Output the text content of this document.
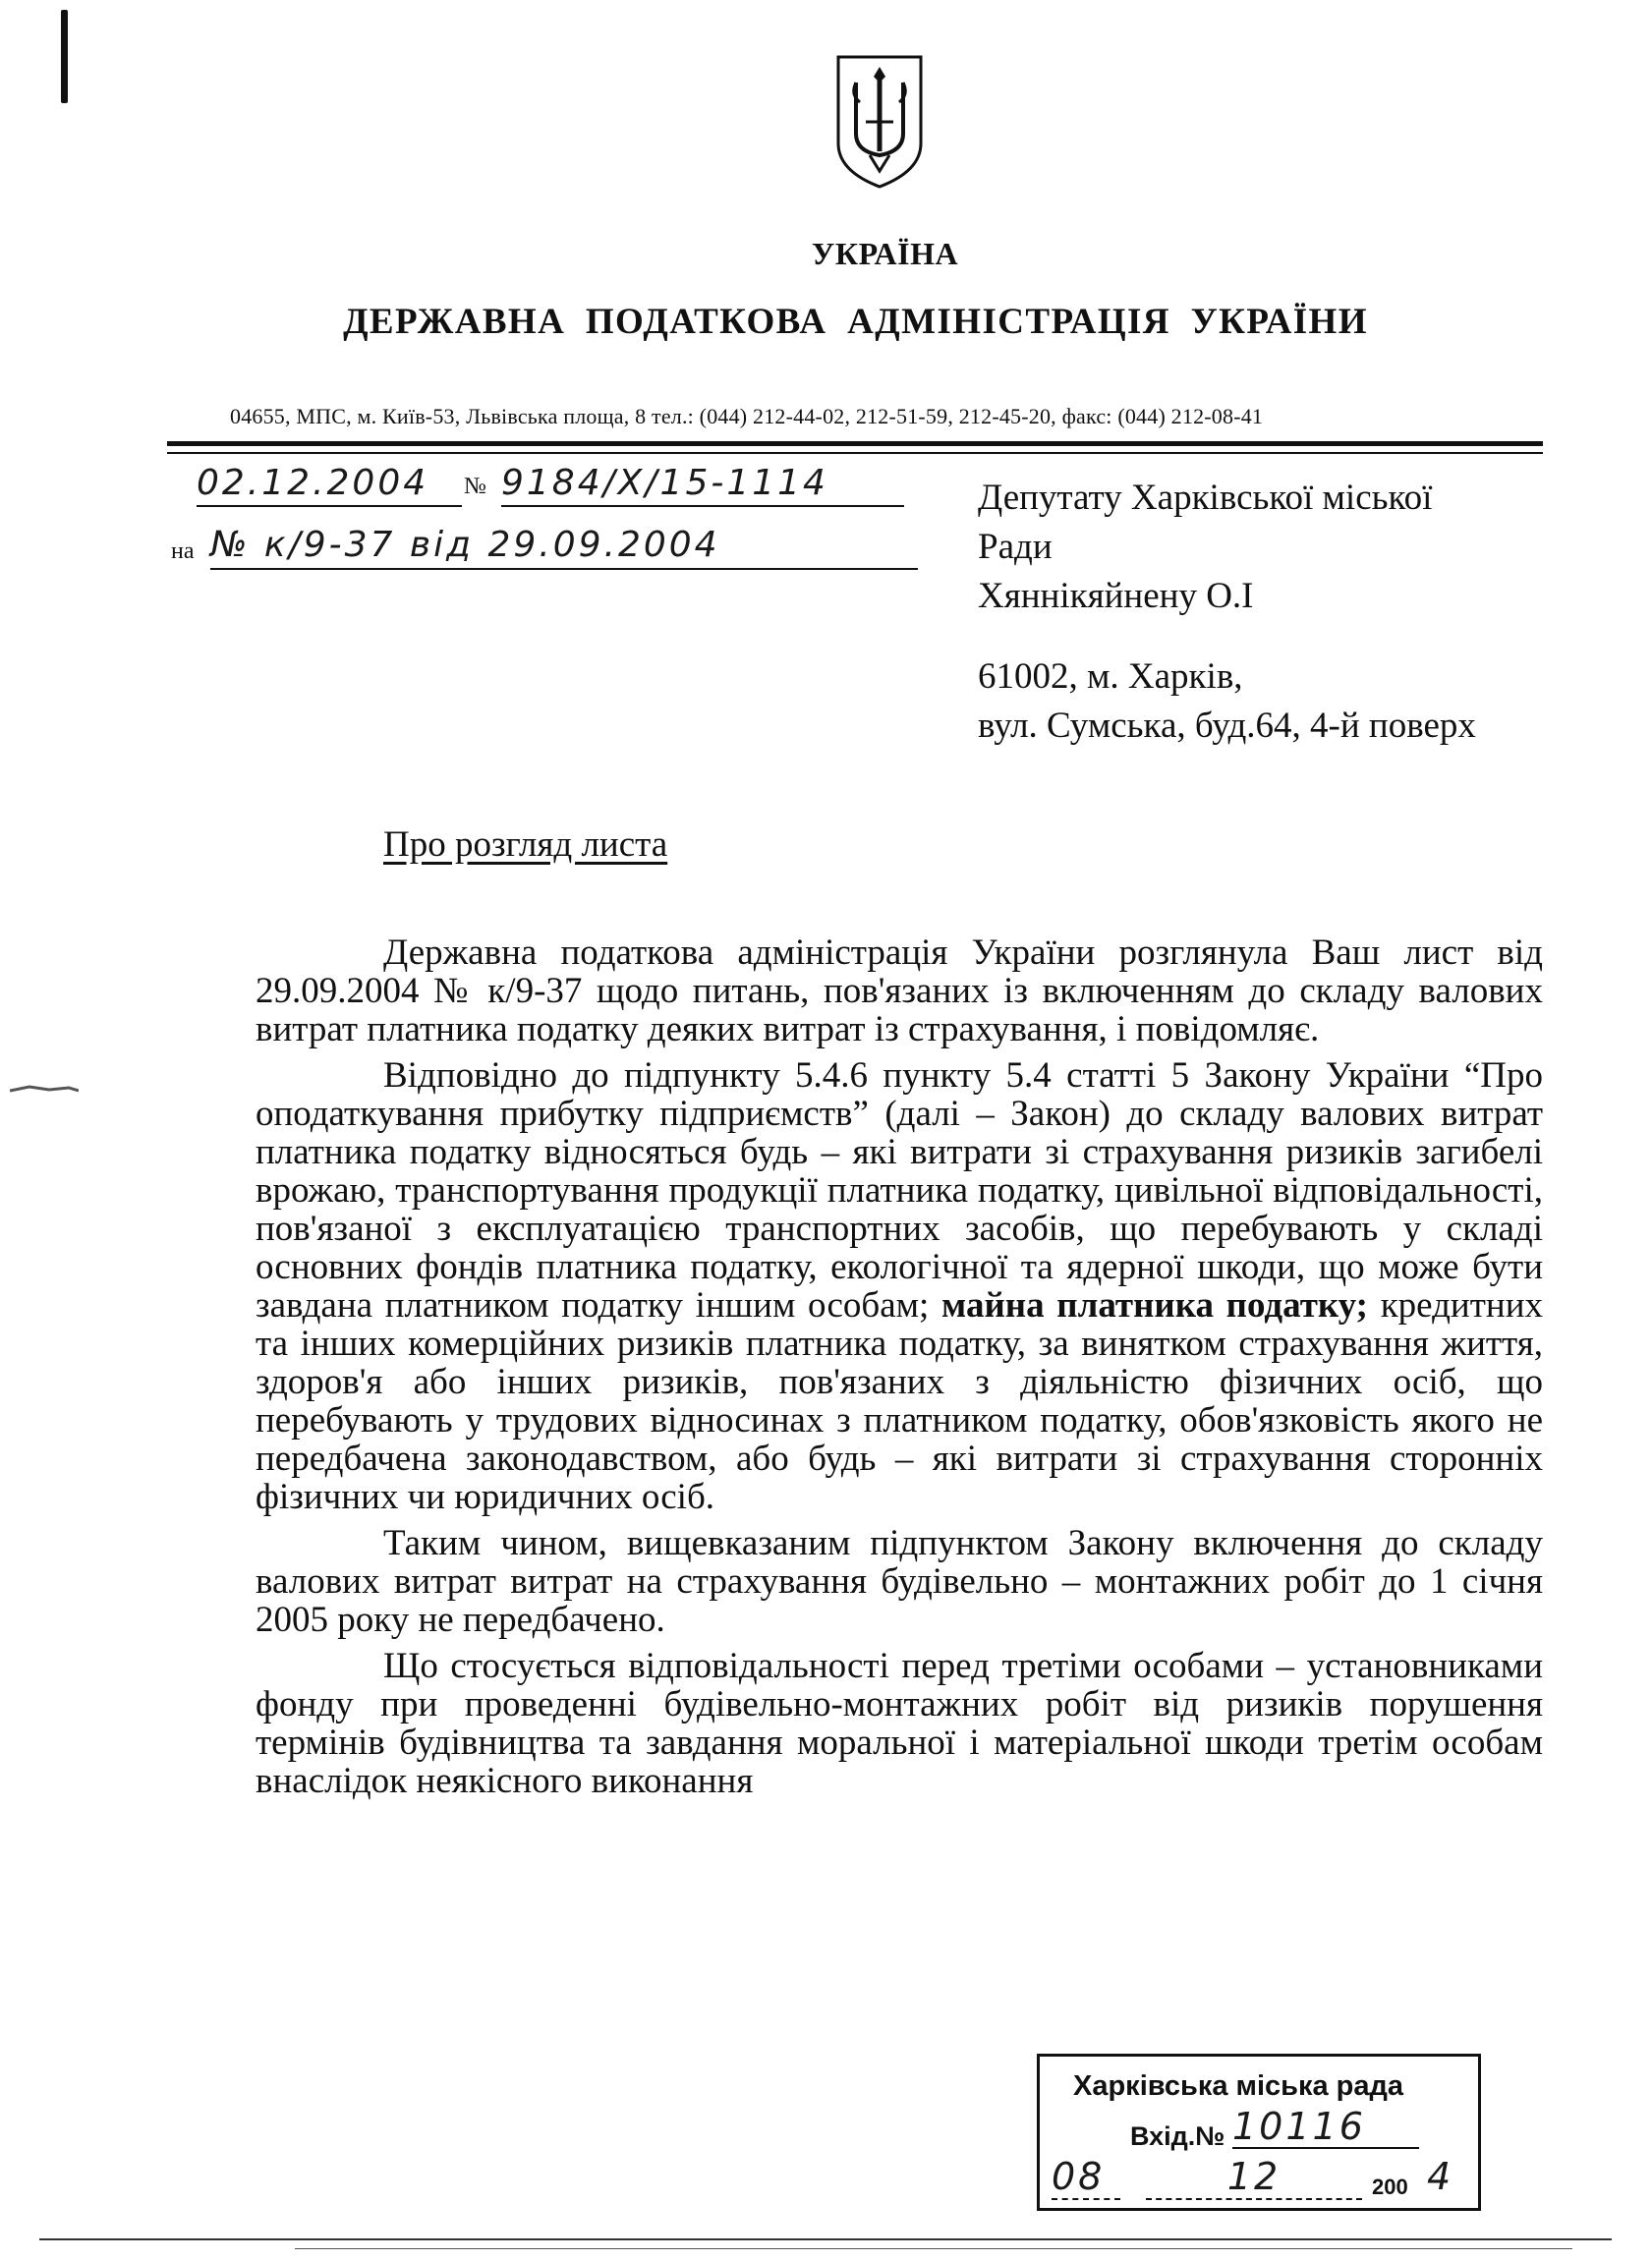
УКРАЇНА
ДЕРЖАВНА ПОДАТКОВА АДМІНІСТРАЦІЯ УКРАЇНИ
04655, МПС, м. Київ-53, Львівська площа, 8 тел.: (044) 212-44-02, 212-51-59, 212-45-20, факс: (044) 212-08-41
02.12.2004	№ 9184/Х/15-1114
на № к/9-37 від 29.09.2004
Депутату Харківської міської
Ради
Хяннікяйнену О.І
61002, м. Харків,
вул. Сумська, буд.64, 4-й поверх
Про розгляд листа

Державна податкова адміністрація України розглянула Ваш лист від 29.09.2004 № к/9-37 щодо питань, пов'язаних із включенням до складу валових витрат платника податку деяких витрат із страхування, і повідомляє.

Відповідно до підпункту 5.4.6 пункту 5.4 статті 5 Закону України “Про оподаткування прибутку підприємств” (далі – Закон) до складу валових витрат платника податку відносяться будь – які витрати зі страхування ризиків загибелі врожаю, транспортування продукції платника податку, цивільної відповідальності, пов'язаної з експлуатацією транспортних засобів, що перебувають у складі основних фондів платника податку, екологічної та ядерної шкоди, що може бути завдана платником податку іншим особам; майна платника податку; кредитних та інших комерційних ризиків платника податку, за винятком страхування життя, здоров'я або інших ризиків, пов'язаних з діяльністю фізичних осіб, що перебувають у трудових відносинах з платником податку, обов'язковість якого не передбачена законодавством, або будь – які витрати зі страхування сторонніх фізичних чи юридичних осіб.

Таким чином, вищевказаним підпунктом Закону включення до складу валових витрат витрат на страхування будівельно – монтажних робіт до 1 січня 2005 року не передбачено.

Що стосується відповідальності перед третіми особами – установниками фонду при проведенні будівельно-монтажних робіт від ризиків порушення термінів будівництва та завдання моральної і матеріальної шкоди третім особам внаслідок неякісного виконання

Харківська міська рада
Вхід.№ 10116
08	12	200 4
